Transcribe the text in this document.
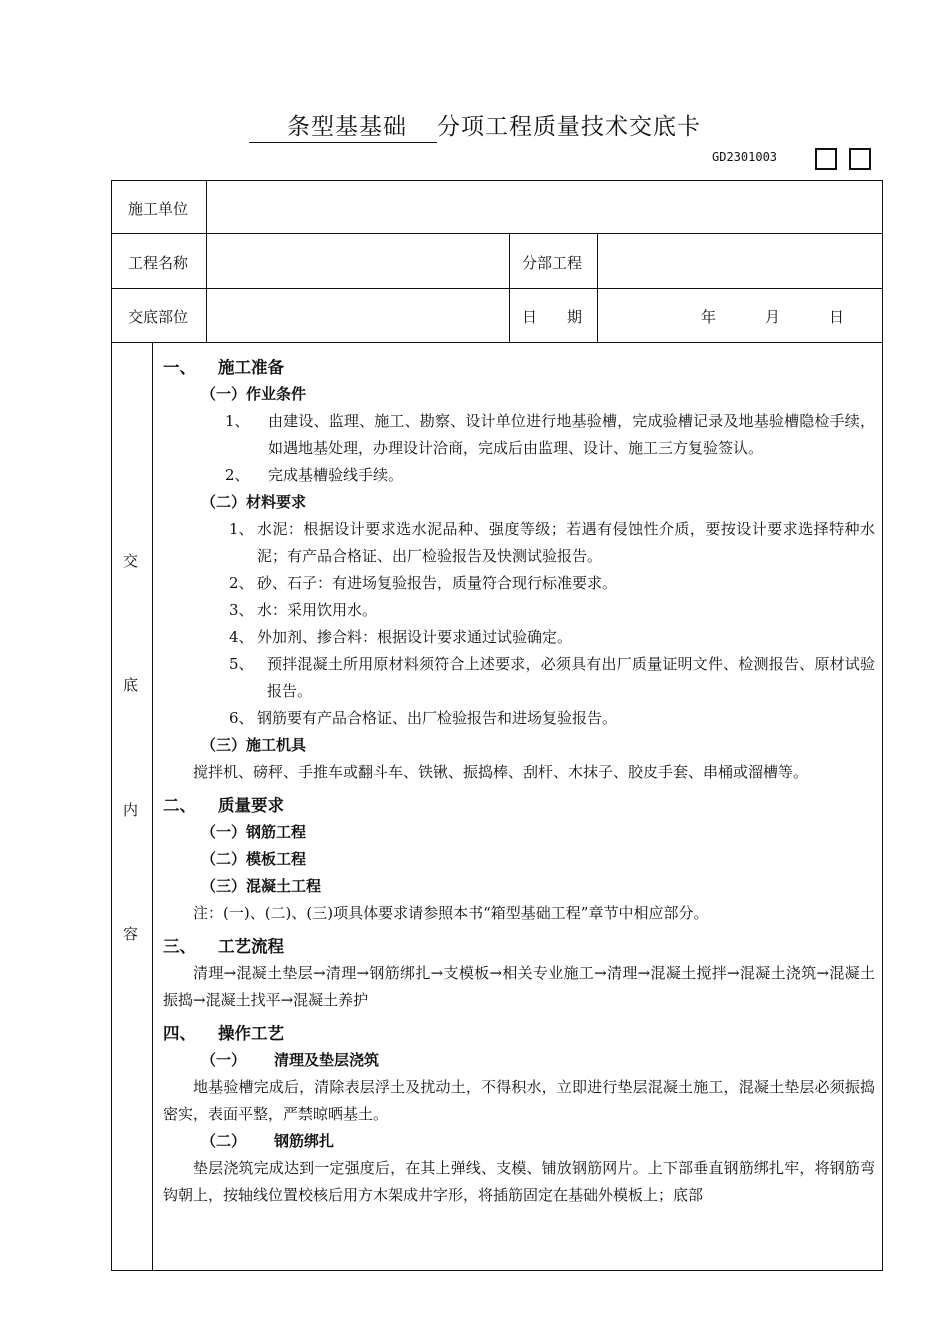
条型基基础 分项工程质量技术交底卡
GD2301003
施工单位
工程名称	分部工程
交底部位	日　　期	年	月	日
交
底
内
容
一、 施工准备
（一）作业条件
1、	由建设、监理、施工、勘察、设计单位进行地基验槽，完成验槽记录及地基验槽隐检手续，如遇地基处理，办理设计洽商，完成后由监理、设计、施工三方复验签认。
2、	完成基槽验线手续。
（二）材料要求
1、 水泥：根据设计要求选水泥品种、强度等级；若遇有侵蚀性介质，要按设计要求选择特种水泥；有产品合格证、出厂检验报告及快测试验报告。
2、 砂、石子：有进场复验报告，质量符合现行标准要求。
3、 水：采用饮用水。
4、 外加剂、掺合料：根据设计要求通过试验确定。
5、 预拌混凝土所用原材料须符合上述要求，必须具有出厂质量证明文件、检测报告、原材试验报告。
6、 钢筋要有产品合格证、出厂检验报告和进场复验报告。
（三）施工机具
搅拌机、磅秤、手推车或翻斗车、铁锹、振捣棒、刮杆、木抹子、胶皮手套、串桶或溜槽等。
二、 质量要求
（一）钢筋工程
（二）模板工程
（三）混凝土工程
注：(一)、(二)、(三)项具体要求请参照本书“箱型基础工程”章节中相应部分。
三、 工艺流程
清理→混凝土垫层→清理→钢筋绑扎→支模板→相关专业施工→清理→混凝土搅拌→混凝土浇筑→混凝土振捣→混凝土找平→混凝土养护
四、 操作工艺
（一） 清理及垫层浇筑
地基验槽完成后，清除表层浮土及扰动土，不得积水，立即进行垫层混凝土施工，混凝土垫层必须振捣密实，表面平整，严禁晾晒基土。
（二） 钢筋绑扎
垫层浇筑完成达到一定强度后，在其上弹线、支模、铺放钢筋网片。上下部垂直钢筋绑扎牢，将钢筋弯钩朝上，按轴线位置校核后用方木架成井字形，将插筋固定在基础外模板上；底部
